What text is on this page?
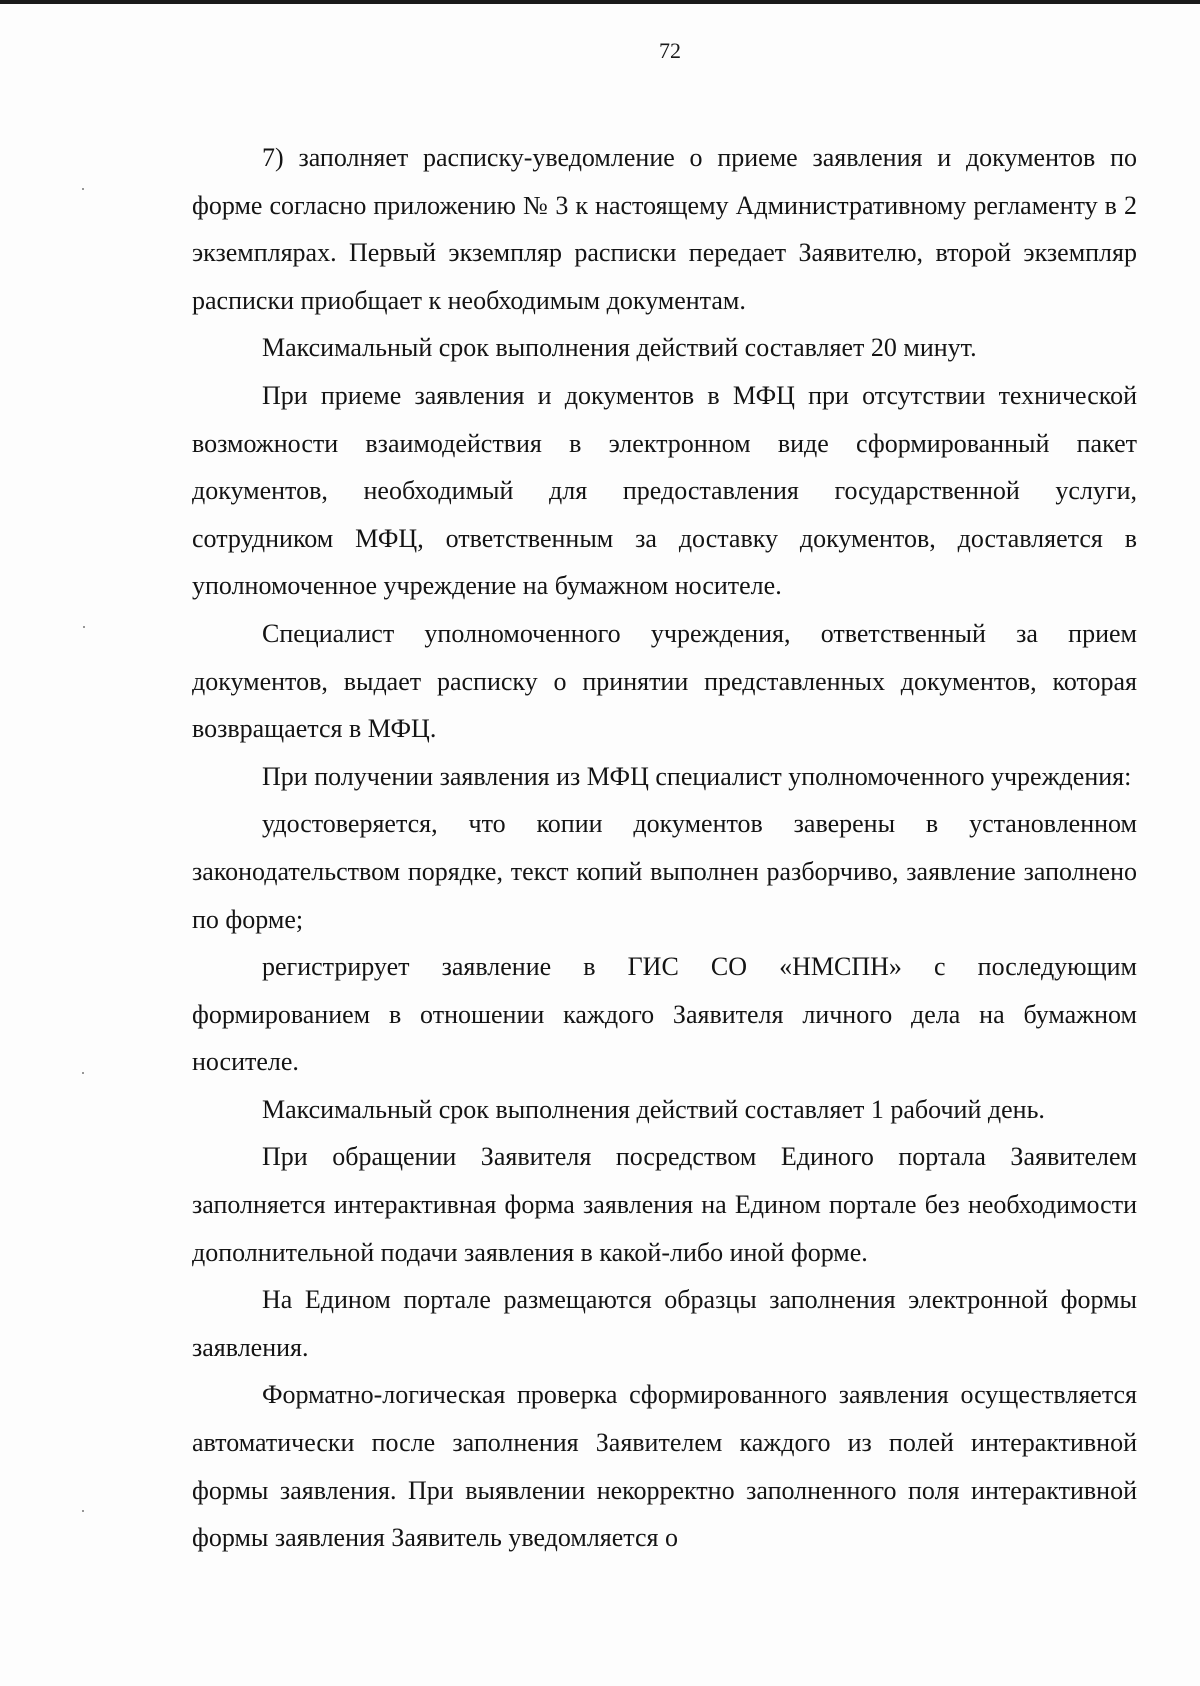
72

7) заполняет расписку-уведомление о приеме заявления и документов по форме согласно приложению № 3 к настоящему Административному регламенту в 2 экземплярах. Первый экземпляр расписки передает Заявителю, второй экземпляр расписки приобщает к необходимым документам.

Максимальный срок выполнения действий составляет 20 минут.

При приеме заявления и документов в МФЦ при отсутствии технической возможности взаимодействия в электронном виде сформированный пакет документов, необходимый для предоставления государственной услуги, сотрудником МФЦ, ответственным за доставку документов, доставляется в уполномоченное учреждение на бумажном носителе.

Специалист уполномоченного учреждения, ответственный за прием документов, выдает расписку о принятии представленных документов, которая возвращается в МФЦ.

При получении заявления из МФЦ специалист уполномоченного учреждения:

удостоверяется, что копии документов заверены в установленном законодательством порядке, текст копий выполнен разборчиво, заявление заполнено по форме;

регистрирует заявление в ГИС СО «НМСПН» с последующим формированием в отношении каждого Заявителя личного дела на бумажном носителе.

Максимальный срок выполнения действий составляет 1 рабочий день.

При обращении Заявителя посредством Единого портала Заявителем заполняется интерактивная форма заявления на Едином портале без необходимости дополнительной подачи заявления в какой-либо иной форме.

На Едином портале размещаются образцы заполнения электронной формы заявления.

Форматно-логическая проверка сформированного заявления осуществляется автоматически после заполнения Заявителем каждого из полей интерактивной формы заявления. При выявлении некорректно заполненного поля интерактивной формы заявления Заявитель уведомляется о
